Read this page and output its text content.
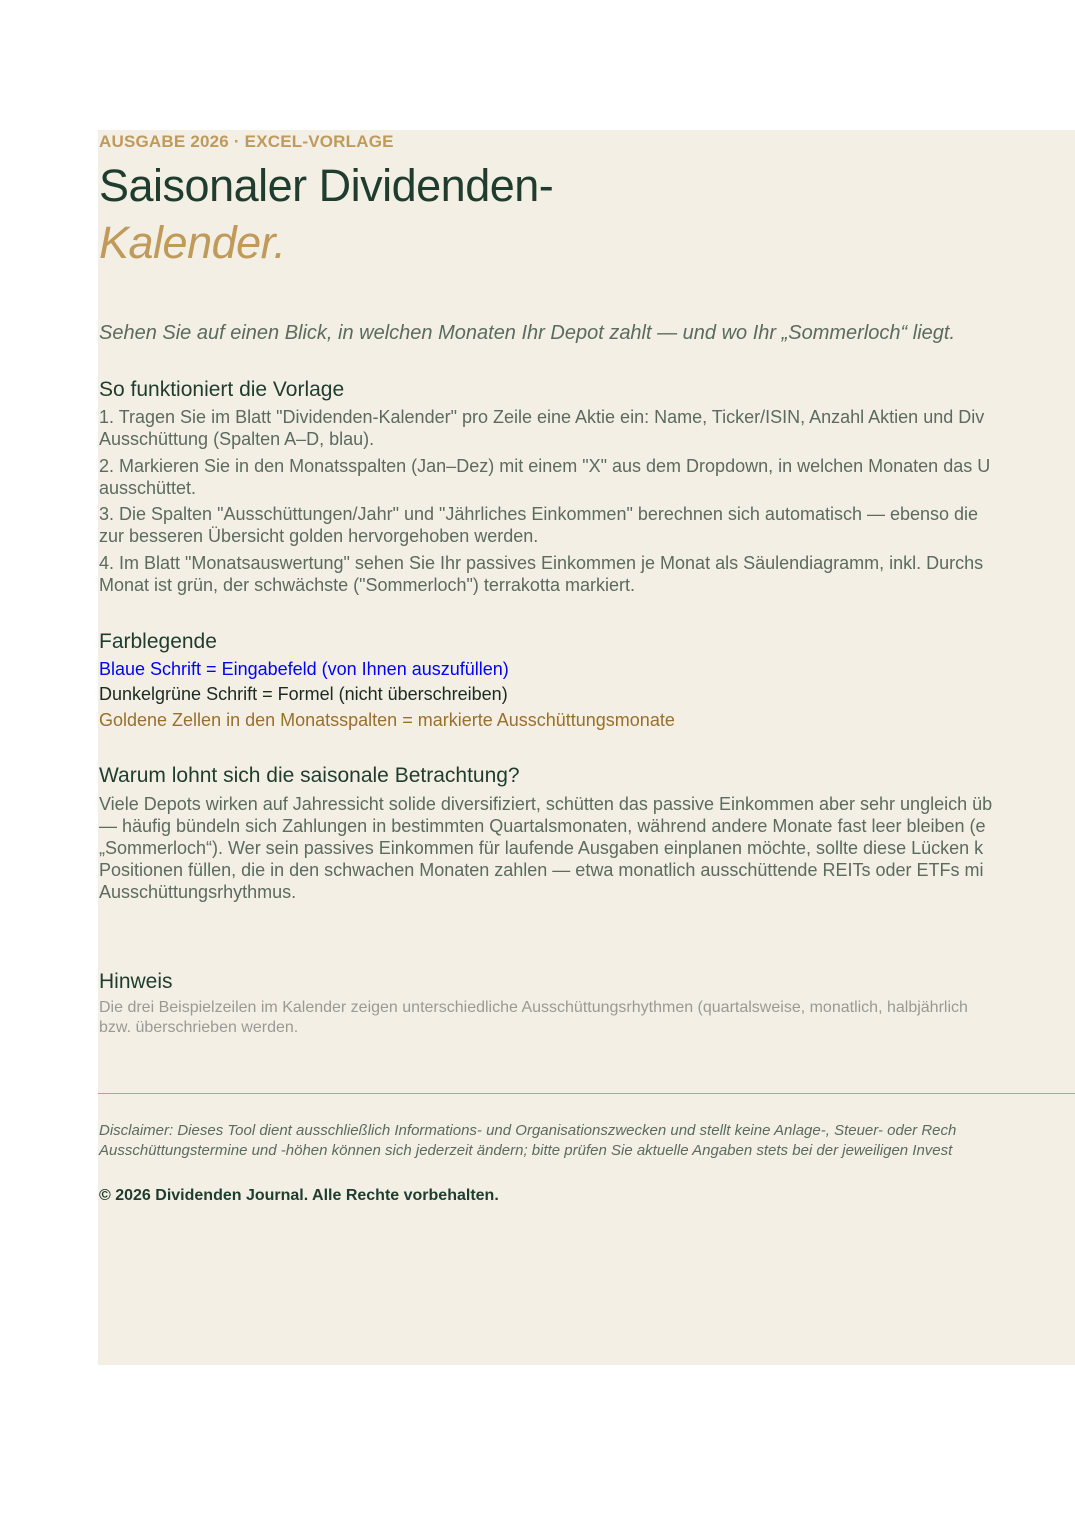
AUSGABE 2026 · EXCEL-VORLAGE
Saisonaler Dividenden-
Kalender.
Sehen Sie auf einen Blick, in welchen Monaten Ihr Depot zahlt — und wo Ihr „Sommerloch“ liegt.
So funktioniert die Vorlage
1. Tragen Sie im Blatt "Dividenden-Kalender" pro Zeile eine Aktie ein: Name, Ticker/ISIN, Anzahl Aktien und Div
Ausschüttung (Spalten A–D, blau).
2. Markieren Sie in den Monatsspalten (Jan–Dez) mit einem "X" aus dem Dropdown, in welchen Monaten das U
ausschüttet.
3. Die Spalten "Ausschüttungen/Jahr" und "Jährliches Einkommen" berechnen sich automatisch — ebenso die
zur besseren Übersicht golden hervorgehoben werden.
4. Im Blatt "Monatsauswertung" sehen Sie Ihr passives Einkommen je Monat als Säulendiagramm, inkl. Durchs
Monat ist grün, der schwächste ("Sommerloch") terrakotta markiert.
Farblegende
Blaue Schrift = Eingabefeld (von Ihnen auszufüllen)
Dunkelgrüne Schrift = Formel (nicht überschreiben)
Goldene Zellen in den Monatsspalten = markierte Ausschüttungsmonate
Warum lohnt sich die saisonale Betrachtung?
Viele Depots wirken auf Jahressicht solide diversifiziert, schütten das passive Einkommen aber sehr ungleich üb
— häufig bündeln sich Zahlungen in bestimmten Quartalsmonaten, während andere Monate fast leer bleiben (e
„Sommerloch“). Wer sein passives Einkommen für laufende Ausgaben einplanen möchte, sollte diese Lücken k
Positionen füllen, die in den schwachen Monaten zahlen — etwa monatlich ausschüttende REITs oder ETFs mi
Ausschüttungsrhythmus.
Hinweis
Die drei Beispielzeilen im Kalender zeigen unterschiedliche Ausschüttungsrhythmen (quartalsweise, monatlich, halbjährlich
bzw. überschrieben werden.
Disclaimer: Dieses Tool dient ausschließlich Informations- und Organisationszwecken und stellt keine Anlage-, Steuer- oder Rech
Ausschüttungstermine und -höhen können sich jederzeit ändern; bitte prüfen Sie aktuelle Angaben stets bei der jeweiligen Invest
© 2026 Dividenden Journal. Alle Rechte vorbehalten.
